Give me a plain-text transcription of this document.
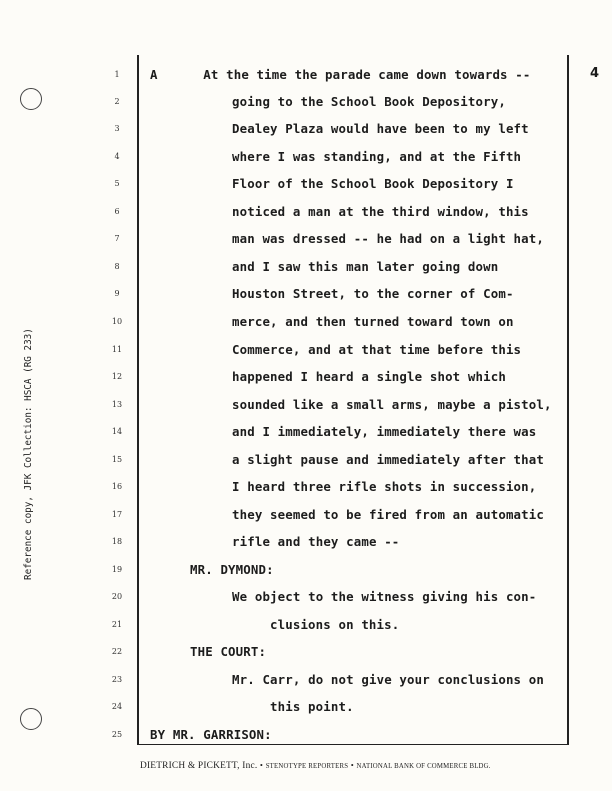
4
Reference copy, JFK Collection: HSCA (RG 233)
1
2
3
4
5
6
7
8
9
10
11
12
13
14
15
16
17
18
19
20
21
22
23
24
25
A      At the time the parade came down towards --
going to the School Book Depository,
Dealey Plaza would have been to my left
where I was standing, and at the Fifth
Floor of the School Book Depository I
noticed a man at the third window, this
man was dressed -- he had on a light hat,
and I saw this man later going down
Houston Street, to the corner of Com-
merce, and then turned toward town on
Commerce, and at that time before this
happened I heard a single shot which
sounded like a small arms, maybe a pistol,
and I immediately, immediately there was
a slight pause and immediately after that
I heard three rifle shots in succession,
they seemed to be fired from an automatic
rifle and they came --
MR. DYMOND:
We object to the witness giving his con-
clusions on this.
THE COURT:
Mr. Carr, do not give your conclusions on
this point.
BY MR. GARRISON:
DIETRICH & PICKETT, Inc. • STENOTYPE REPORTERS • NATIONAL BANK OF COMMERCE BLDG.
